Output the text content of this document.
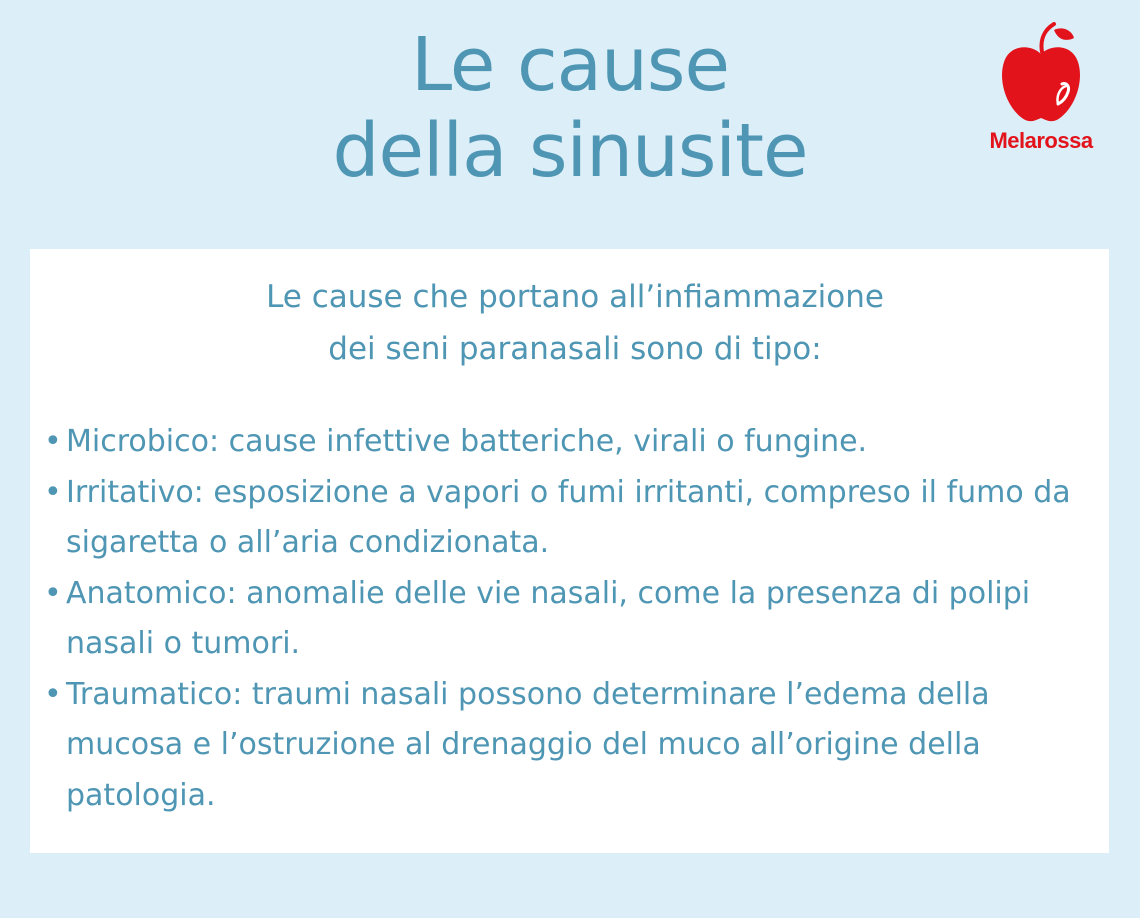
Le cause
della sinusite	Melarossa
Le cause che portano all’infiammazione
dei seni paranasali sono di tipo:
• Microbico: cause infettive batteriche, virali o fungine.
• Irritativo: esposizione a vapori o fumi irritanti, compreso il fumo da sigaretta o all’aria condizionata.
• Anatomico: anomalie delle vie nasali, come la presenza di polipi nasali o tumori.
• Traumatico: traumi nasali possono determinare l’edema della mucosa e l’ostruzione al drenaggio del muco all’origine della patologia.
